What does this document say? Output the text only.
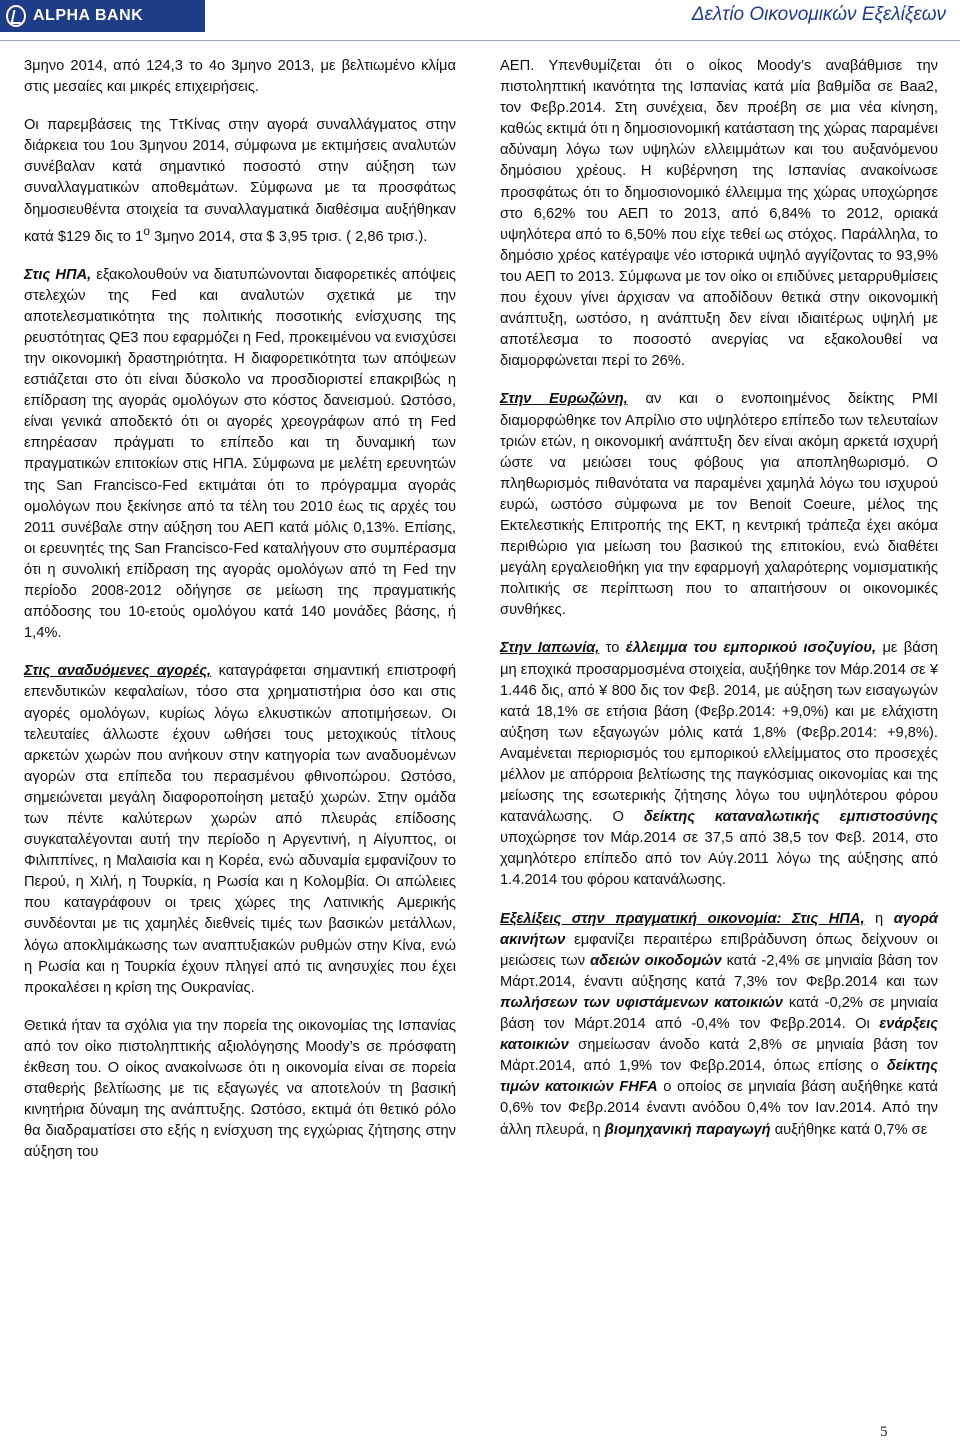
ALPHA BANK	Δελτίο Οικονομικών Εξελίξεων

3μηνο 2014, από 124,3 το 4ο 3μηνο 2013, με βελτιωμένο κλίμα στις μεσαίες και μικρές επιχειρήσεις.

Οι παρεμβάσεις της ΤτΚίνας στην αγορά συναλλάγματος στην διάρκεια του 1ου 3μηνου 2014, σύμφωνα με εκτιμήσεις αναλυτών συνέβαλαν κατά σημαντικό ποσοστό στην αύξηση των συναλλαγματικών αποθεμάτων. Σύμφωνα με τα προσφάτως δημοσιευθέντα στοιχεία τα συναλλαγματικά διαθέσιμα αυξήθηκαν κατά $129 δις το $1^o$ 3μηνο 2014, στα $ 3,95 τρισ. ( 2,86 τρισ.).

Στις ΗΠΑ, εξακολουθούν να διατυπώνονται διαφορετικές απόψεις στελεχών της Fed και αναλυτών σχετικά με την αποτελεσματικότητα της πολιτικής ποσοτικής ενίσχυσης της ρευστότητας QE3 που εφαρμόζει η Fed, προκειμένου να ενισχύσει την οικονομική δραστηριότητα. Η διαφορετικότητα των απόψεων εστιάζεται στο ότι είναι δύσκολο να προσδιοριστεί επακριβώς η επίδραση της αγοράς ομολόγων στο κόστος δανεισμού. Ωστόσο, είναι γενικά αποδεκτό ότι οι αγορές χρεογράφων από τη Fed επηρέασαν πράγματι το επίπεδο και τη δυναμική των πραγματικών επιτοκίων στις ΗΠΑ. Σύμφωνα με μελέτη ερευνητών της San Francisco-Fed εκτιμάται ότι το πρόγραμμα αγοράς ομολόγων που ξεκίνησε από τα τέλη του 2010 έως τις αρχές του 2011 συνέβαλε στην αύξηση του ΑΕΠ κατά μόλις 0,13%. Επίσης, οι ερευνητές της San Francisco-Fed καταλήγουν στο συμπέρασμα ότι η συνολική επίδραση της αγοράς ομολόγων από τη Fed την περίοδο 2008-2012 οδήγησε σε μείωση της πραγματικής απόδοσης του 10-ετούς ομολόγου κατά 140 μονάδες βάσης, ή 1,4%.

Στις αναδυόμενες αγορές, καταγράφεται σημαντική επιστροφή επενδυτικών κεφαλαίων, τόσο στα χρηματιστήρια όσο και στις αγορές ομολόγων, κυρίως λόγω ελκυστικών αποτιμήσεων. Οι τελευταίες άλλωστε έχουν ωθήσει τους μετοχικούς τίτλους αρκετών χωρών που ανήκουν στην κατηγορία των αναδυομένων αγορών στα επίπεδα του περασμένου φθινοπώρου. Ωστόσο, σημειώνεται μεγάλη διαφοροποίηση μεταξύ χωρών. Στην ομάδα των πέντε καλύτερων χωρών από πλευράς επίδοσης συγκαταλέγονται αυτή την περίοδο η Αργεντινή, η Αίγυπτος, οι Φιλιππίνες, η Μαλαισία και η Κορέα, ενώ αδυναμία εμφανίζουν το Περού, η Χιλή, η Τουρκία, η Ρωσία και η Κολομβία. Οι απώλειες που καταγράφουν οι τρεις χώρες της Λατινικής Αμερικής συνδέονται με τις χαμηλές διεθνείς τιμές των βασικών μετάλλων, λόγω αποκλιμάκωσης των αναπτυξιακών ρυθμών στην Κίνα, ενώ η Ρωσία και η Τουρκία έχουν πληγεί από τις ανησυχίες που έχει προκαλέσει η κρίση της Ουκρανίας.

Θετικά ήταν τα σχόλια για την πορεία της οικονομίας της Ισπανίας από τον οίκο πιστοληπτικής αξιολόγησης Moody’s σε πρόσφατη έκθεση του. Ο οίκος ανακοίνωσε ότι η οικονομία είναι σε πορεία σταθερής βελτίωσης με τις εξαγωγές να αποτελούν τη βασική κινητήρια δύναμη της ανάπτυξης. Ωστόσο, εκτιμά ότι θετικό ρόλο θα διαδραματίσει στο εξής η ενίσχυση της εγχώριας ζήτησης στην αύξηση του

ΑΕΠ. Υπενθυμίζεται ότι ο οίκος Moody’s αναβάθμισε την πιστοληπτική ικανότητα της Ισπανίας κατά μία βαθμίδα σε Baa2, τον Φεβρ.2014. Στη συνέχεια, δεν προέβη σε μια νέα κίνηση, καθώς εκτιμά ότι η δημοσιονομική κατάσταση της χώρας παραμένει αδύναμη λόγω των υψηλών ελλειμμάτων και του αυξανόμενου δημόσιου χρέους. Η κυβέρνηση της Ισπανίας ανακοίνωσε προσφάτως ότι το δημοσιονομικό έλλειμμα της χώρας υποχώρησε στο 6,62% του ΑΕΠ το 2013, από 6,84% το 2012, οριακά υψηλότερα από το 6,50% που είχε τεθεί ως στόχος. Παράλληλα, το δημόσιο χρέος κατέγραψε νέο ιστορικά υψηλό αγγίζοντας το 93,9% του ΑΕΠ το 2013. Σύμφωνα με τον οίκο οι επιδύνες μεταρρυθμίσεις που έχουν γίνει άρχισαν να αποδίδουν θετικά στην οικονομική ανάπτυξη, ωστόσο, η ανάπτυξη δεν είναι ιδιαιτέρως υψηλή με αποτέλεσμα το ποσοστό ανεργίας να εξακολουθεί να διαμορφώνεται περί το 26%.

Στην Ευρωζώνη, αν και ο ενοποιημένος δείκτης PMI διαμορφώθηκε τον Απρίλιο στο υψηλότερο επίπεδο των τελευταίων τριών ετών, η οικονομική ανάπτυξη δεν είναι ακόμη αρκετά ισχυρή ώστε να μειώσει τους φόβους για αποπληθωρισμό. Ο πληθωρισμός πιθανότατα να παραμένει χαμηλά λόγω του ισχυρού ευρώ, ωστόσο σύμφωνα με τον Benoit Coeure, μέλος της Εκτελεστικής Επιτροπής της ΕΚΤ, η κεντρική τράπεζα έχει ακόμα περιθώριο για μείωση του βασικού της επιτοκίου, ενώ διαθέτει μεγάλη εργαλειοθήκη για την εφαρμογή χαλαρότερης νομισματικής πολιτικής σε περίπτωση που το απαιτήσουν οι οικονομικές συνθήκες.

Στην Ιαπωνία, το έλλειμμα του εμπορικού ισοζυγίου, με βάση μη εποχικά προσαρμοσμένα στοιχεία, αυξήθηκε τον Μάρ.2014 σε ¥ 1.446 δις, από ¥ 800 δις τον Φεβ. 2014, με αύξηση των εισαγωγών κατά 18,1% σε ετήσια βάση (Φεβρ.2014: +9,0%) και με ελάχιστη αύξηση των εξαγωγών μόλις κατά 1,8% (Φεβρ.2014: +9,8%). Αναμένεται περιορισμός του εμπορικού ελλείμματος στο προσεχές μέλλον με απόρροια βελτίωσης της παγκόσμιας οικονομίας και της μείωσης της εσωτερικής ζήτησης λόγω του υψηλότερου φόρου κατανάλωσης. Ο δείκτης καταναλωτικής εμπιστοσύνης υποχώρησε τον Μάρ.2014 σε 37,5 από 38,5 τον Φεβ. 2014, στο χαμηλότερο επίπεδο από τον Αύγ.2011 λόγω της αύξησης από 1.4.2014 του φόρου κατανάλωσης.

Εξελίξεις στην πραγματική οικονομία: Στις ΗΠΑ, η αγορά ακινήτων εμφανίζει περαιτέρω επιβράδυνση όπως δείχνουν οι μειώσεις των αδειών οικοδομών κατά -2,4% σε μηνιαία βάση τον Μάρτ.2014, έναντι αύξησης κατά 7,3% τον Φεβρ.2014 και των πωλήσεων των υφιστάμενων κατοικιών κατά -0,2% σε μηνιαία βάση τον Μάρτ.2014 από -0,4% τον Φεβρ.2014. Οι ενάρξεις κατοικιών σημείωσαν άνοδο κατά 2,8% σε μηνιαία βάση τον Μάρτ.2014, από 1,9% τον Φεβρ.2014, όπως επίσης ο δείκτης τιμών κατοικιών FHFA ο οποίος σε μηνιαία βάση αυξήθηκε κατά 0,6% τον Φεβρ.2014 έναντι ανόδου 0,4% τον Ιαν.2014. Από την άλλη πλευρά, η βιομηχανική παραγωγή αυξήθηκε κατά 0,7% σε

5
